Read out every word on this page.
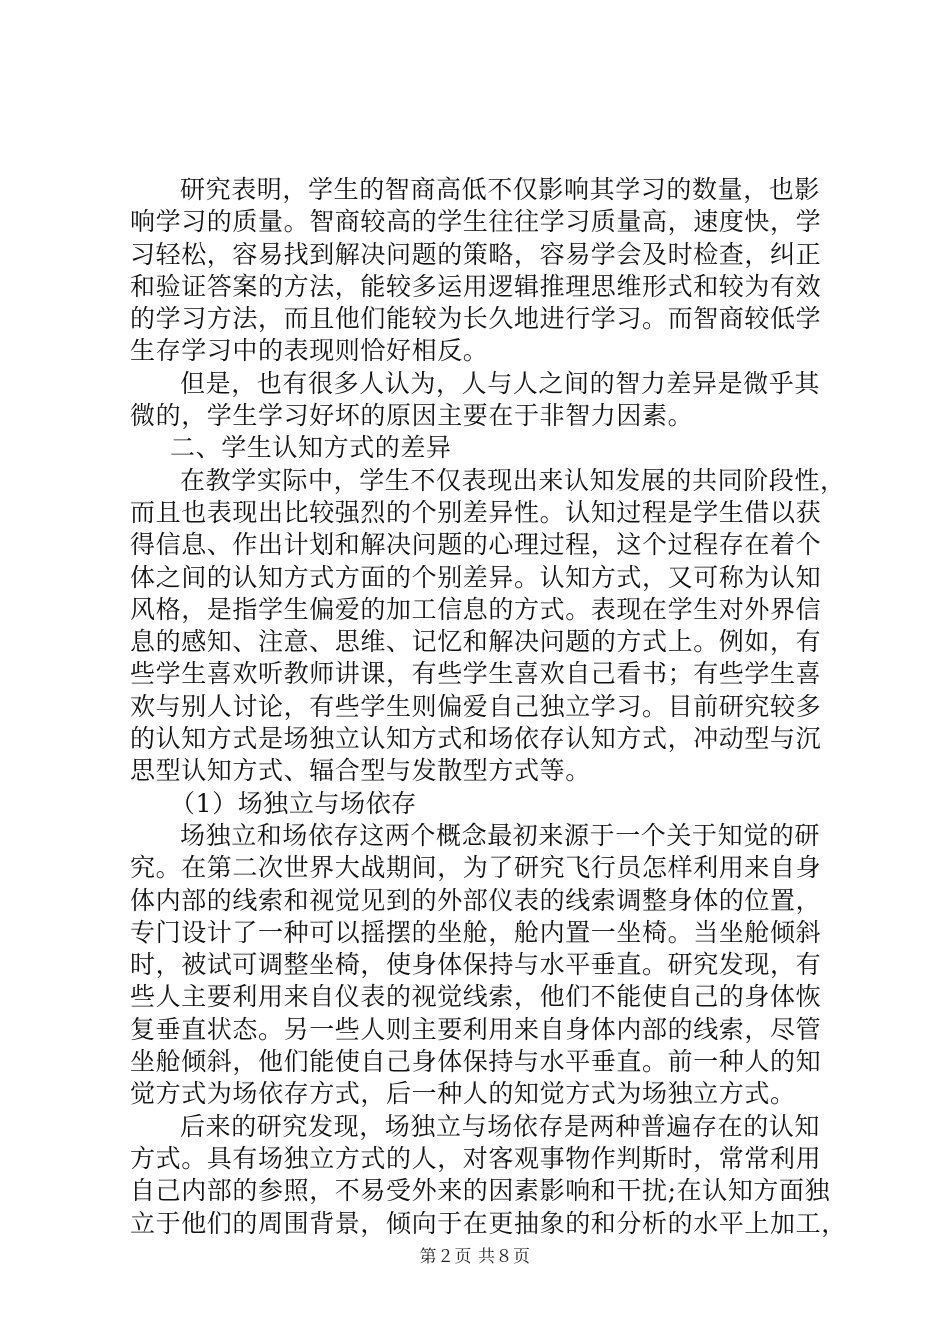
研究表明，学生的智商高低不仅影响其学习的数量，也影
响学习的质量。智商较高的学生往往学习质量高，速度快，学
习轻松，容易找到解决问题的策略，容易学会及时检查，纠正
和验证答案的方法，能较多运用逻辑推理思维形式和较为有效
的学习方法，而且他们能较为长久地进行学习。而智商较低学
生存学习中的表现则恰好相反。
但是，也有很多人认为，人与人之间的智力差异是微乎其
微的，学生学习好坏的原因主要在于非智力因素。
二、学生认知方式的差异
在教学实际中，学生不仅表现出来认知发展的共同阶段性，
而且也表现出比较强烈的个别差异性。认知过程是学生借以获
得信息、作出计划和解决问题的心理过程，这个过程存在着个
体之间的认知方式方面的个别差异。认知方式，又可称为认知
风格，是指学生偏爱的加工信息的方式。表现在学生对外界信
息的感知、注意、思维、记忆和解决问题的方式上。例如，有
些学生喜欢听教师讲课，有些学生喜欢自己看书；有些学生喜
欢与别人讨论，有些学生则偏爱自己独立学习。目前研究较多
的认知方式是场独立认知方式和场依存认知方式，冲动型与沉
思型认知方式、辐合型与发散型方式等。
（1）场独立与场依存
场独立和场依存这两个概念最初来源于一个关于知觉的研
究。在第二次世界大战期间，为了研究飞行员怎样利用来自身
体内部的线索和视觉见到的外部仪表的线索调整身体的位置，
专门设计了一种可以摇摆的坐舱，舱内置一坐椅。当坐舱倾斜
时，被试可调整坐椅，使身体保持与水平垂直。研究发现，有
些人主要利用来自仪表的视觉线索，他们不能使自己的身体恢
复垂直状态。另一些人则主要利用来自身体内部的线索，尽管
坐舱倾斜，他们能使自己身体保持与水平垂直。前一种人的知
觉方式为场依存方式，后一种人的知觉方式为场独立方式。
后来的研究发现，场独立与场依存是两种普遍存在的认知
方式。具有场独立方式的人，对客观事物作判斯时，常常利用
自己内部的参照，不易受外来的因素影响和干扰;在认知方面独
立于他们的周围背景，倾向于在更抽象的和分析的水平上加工，
第２页 共８页
